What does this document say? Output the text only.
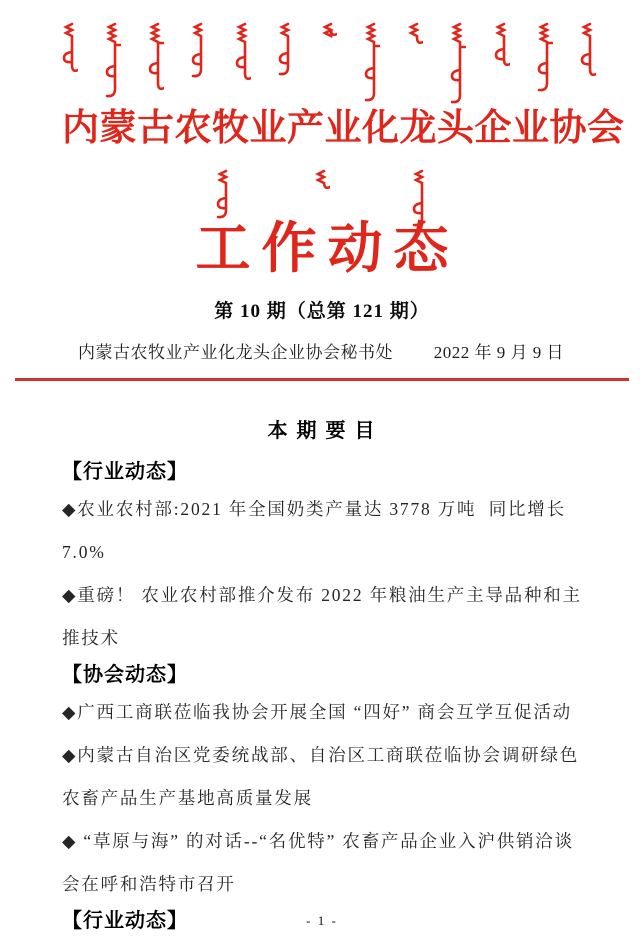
内蒙古农牧业产业化龙头企业协会
工作动态
第 10 期（总第 121 期）
内蒙古农牧业产业化龙头企业协会秘书处 2022 年 9 月 9 日
本 期 要 目
【行业动态】

◆农业农村部:2021 年全国奶类产量达 3778 万吨  同比增长 7.0%

◆重磅！ 农业农村部推介发布 2022 年粮油生产主导品种和主推技术

【协会动态】

◆广西工商联莅临我协会开展全国 “四好” 商会互学互促活动

◆内蒙古自治区党委统战部、自治区工商联莅临协会调研绿色农畜产品生产基地高质量发展

◆ “草原与海” 的对话--“名优特” 农畜产品企业入沪供销洽谈会在呼和浩特市召开

【行业动态】	- 1 -
